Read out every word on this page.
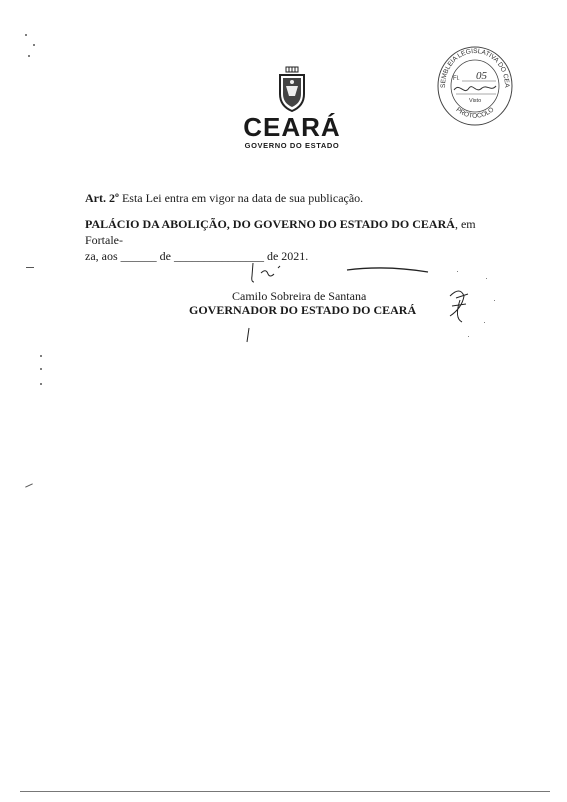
CEARÁ
GOVERNO DO ESTADO
SEMBLEIA LEGISLATIVA DO CEA
PROTOCOLO
Fl. 05
Visto
Art. 2º Esta Lei entra em vigor na data de sua publicação.
PALÁCIO DA ABOLIÇÃO, DO GOVERNO DO ESTADO DO CEARÁ, em Fortale-
za, aos ______ de _______________ de 2021.
Camilo Sobreira de Santana
GOVERNADOR DO ESTADO DO CEARÁ
